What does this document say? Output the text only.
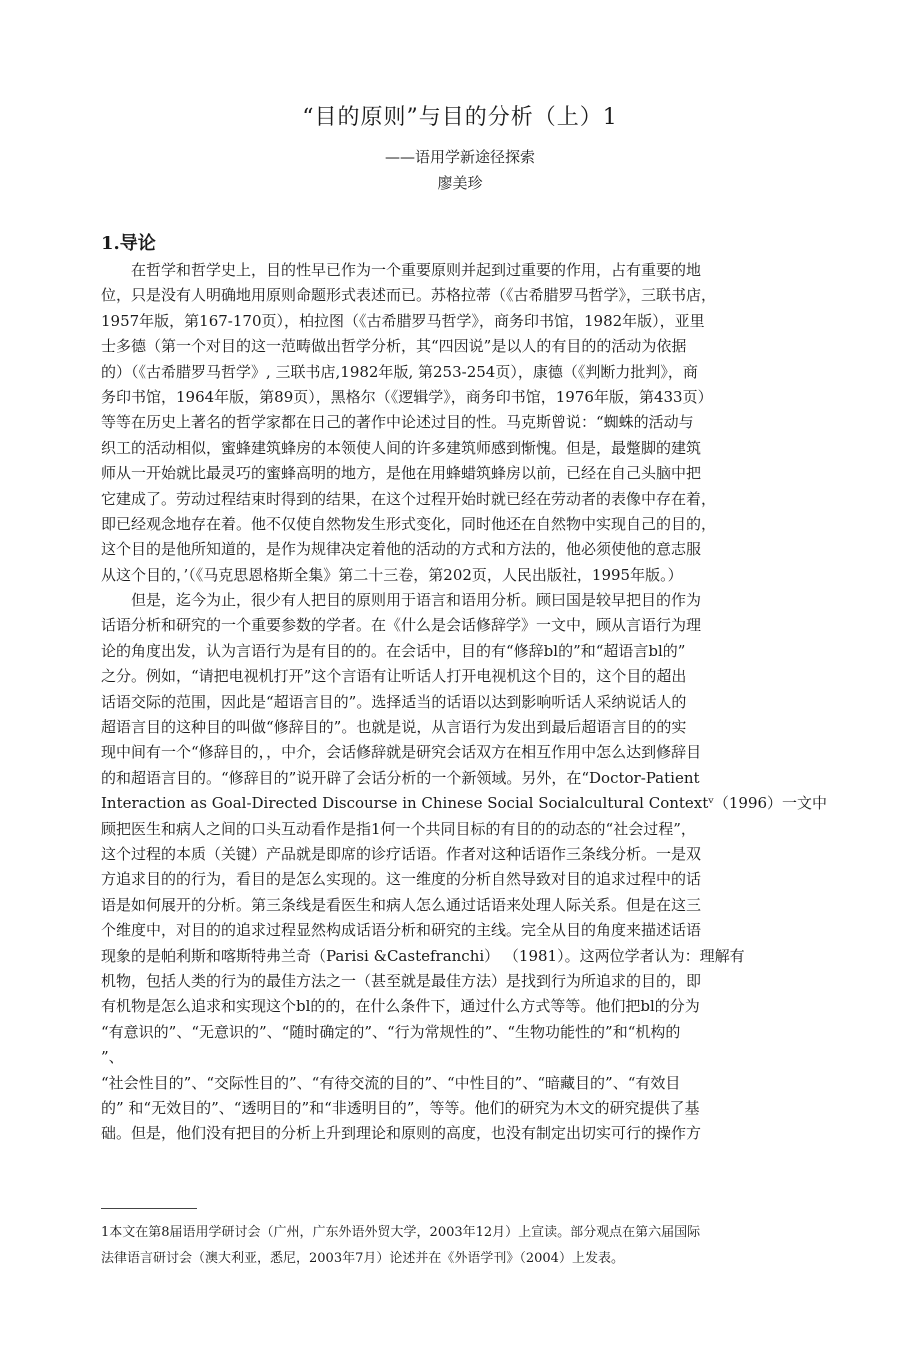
“目的原则”与目的分析（上）1
——语用学新途径探索
廖美珍
1.导论
在哲学和哲学史上，目的性早已作为一个重要原则并起到过重要的作用，占有重要的地
位，只是没有人明确地用原则命题形式表述而已。苏格拉蒂（《古希腊罗马哲学》，三联书店，
1957年版，第167-170页），柏拉图（《古希腊罗马哲学》，商务印书馆，1982年版），亚里
士多德（第一个对目的这一范畴做出哲学分析，其“四因说”是以人的有目的的活动为依据
的）（《古希腊罗马哲学》, 三联书店,1982年版, 第253-254页），康德（《判断力批判》，商
务印书馆，1964年版，第89页），黑格尔（《逻辑学》，商务印书馆，1976年版，第433页）
等等在历史上著名的哲学家都在日己的著作中论述过目的性。马克斯曾说：“蜘蛛的活动与
织工的活动相似，蜜蜂建筑蜂房的本领使人间的许多建筑师感到惭愧。但是，最蹩脚的建筑
师从一开始就比最灵巧的蜜蜂高明的地方，是他在用蜂蜡筑蜂房以前，已经在自己头脑中把
它建成了。劳动过程结束时得到的结果，在这个过程开始时就已经在劳动者的表像中存在着，
即已经观念地存在着。他不仅使自然物发生形式变化，同时他还在自然物中实现自己的目的，
这个目的是他所知道的，是作为规律决定着他的活动的方式和方法的，他必须使他的意志服
从这个目的，’（《马克思恩格斯全集》第二十三卷，第202页，人民出版社，1995年版。）
但是，迄今为止，很少有人把目的原则用于语言和语用分析。顾曰国是较早把目的作为
话语分析和研究的一个重要参数的学者。在《什么是会话修辞学》一文中，顾从言语行为理
论的角度出发，认为言语行为是有目的的。在会话中，目的有“修辞bl的”和“超语言bl的”
之分。例如，“请把电视机打开”这个言语有让听话人打开电视机这个目的，这个目的超出
话语交际的范围，因此是“超语言目的”。选择适当的话语以达到影响听话人采纳说话人的
超语言目的这种目的叫做“修辞目的”。也就是说，从言语行为发出到最后超语言目的的实
现中间有一个“修辞目的，，中介，会话修辞就是研究会话双方在相互作用中怎么达到修辞目
的和超语言目的。“修辞目的”说开辟了会话分析的一个新领域。另外，在“Doctor-Patient
Interaction as Goal-Directed Discourse in Chinese Social Socialcultural Contextᵛ（1996）一文中
顾把医生和病人之间的口头互动看作是指1何一个共同目标的有目的的动态的“社会过程”，
这个过程的本质（关键）产品就是即席的诊疗话语。作者对这种话语作三条线分析。一是双
方追求目的的行为，看目的是怎么实现的。这一维度的分析自然导致对目的追求过程中的话
语是如何展开的分析。第三条线是看医生和病人怎么通过话语来处理人际关系。但是在这三
个维度中，对目的的追求过程显然构成话语分析和研究的主线。完全从目的角度来描述话语
现象的是帕利斯和喀斯特弗兰奇（Parisi &Castefranchi） （1981）。这两位学者认为：理解有
机物，包括人类的行为的最佳方法之一（甚至就是最佳方法）是找到行为所追求的目的，即
有机物是怎么追求和实现这个bl的的，在什么条件下，通过什么方式等等。他们把bl的分为
“有意识的”、“无意识的”、“随时确定的”、“行为常规性的”、“生物功能性的”和“机构的
”、
“社会性目的”、“交际性目的”、“有待交流的目的”、“中性目的”、“暗藏目的”、“有效目
的” 和“无效目的”、“透明目的”和“非透明目的”，等等。他们的研究为木文的研究提供了基
础。但是，他们没有把目的分析上升到理论和原则的高度，也没有制定出切实可行的操作方
1本文在第8届语用学研讨会（广州，广东外语外贸大学，2003年12月）上宣读。部分观点在第六届国际
法律语言研讨会（澳大利亚，悉尼，2003年7月）论述并在《外语学刊》（2004）上发表。
